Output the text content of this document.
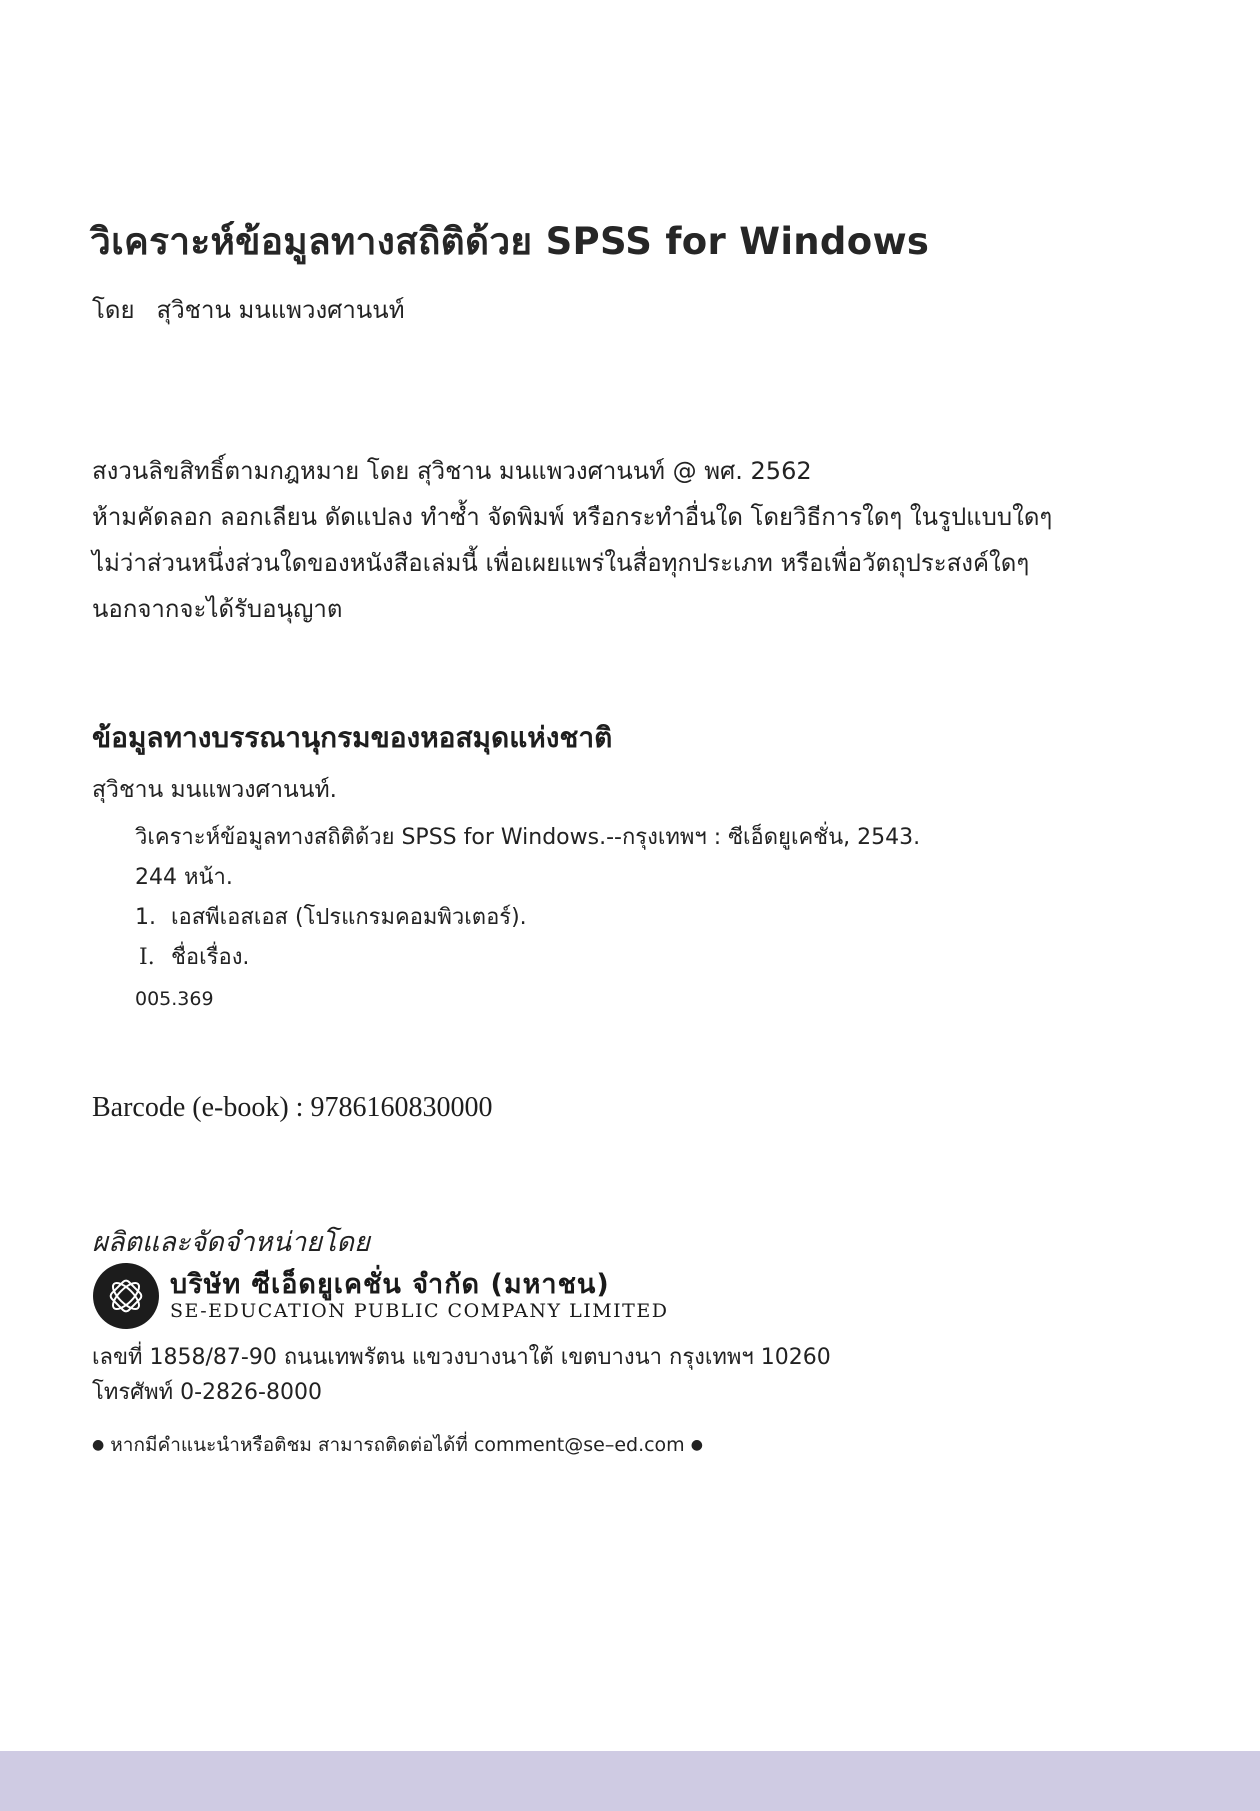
วิเคราะห์ข้อมูลทางสถิติด้วย SPSS for Windows
โดย สุวิชาน มนแพวงศานนท์
สงวนลิขสิทธิ์ตามกฎหมาย โดย สุวิชาน มนแพวงศานนท์ @ พศ. 2562
ห้ามคัดลอก ลอกเลียน ดัดแปลง ทำซ้ำ จัดพิมพ์ หรือกระทำอื่นใด โดยวิธีการใดๆ ในรูปแบบใดๆ
ไม่ว่าส่วนหนึ่งส่วนใดของหนังสือเล่มนี้ เพื่อเผยแพร่ในสื่อทุกประเภท หรือเพื่อวัตถุประสงค์ใดๆ
นอกจากจะได้รับอนุญาต
ข้อมูลทางบรรณานุกรมของหอสมุดแห่งชาติ
สุวิชาน มนแพวงศานนท์.
วิเคราะห์ข้อมูลทางสถิติด้วย SPSS for Windows.--กรุงเทพฯ : ซีเอ็ดยูเคชั่น, 2543.
244 หน้า.
1. เอสพีเอสเอส (โปรแกรมคอมพิวเตอร์).
I. ชื่อเรื่อง.
005.369
Barcode (e-book) : 9786160830000
ผลิตและจัดจำหน่ายโดย
บริษัท ซีเอ็ดยูเคชั่น จำกัด (มหาชน)
SE-EDUCATION PUBLIC COMPANY LIMITED
เลขที่ 1858/87-90 ถนนเทพรัตน แขวงบางนาใต้ เขตบางนา กรุงเทพฯ 10260
โทรศัพท์ 0-2826-8000
● หากมีคำแนะนำหรือติชม สามารถติดต่อได้ที่ comment@se–ed.com ●
